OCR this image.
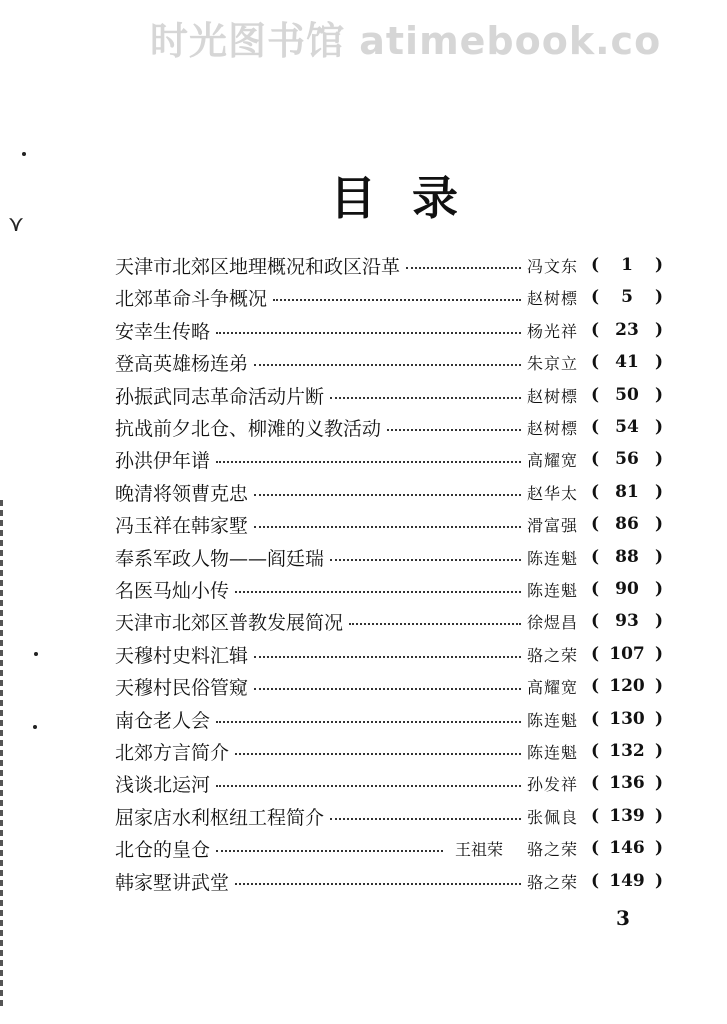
时光图书馆 atimebook.co
⋎	目录
天津市北郊区地理概况和政区沿革	冯文东 (	1	)
北郊革命斗争概况	赵树標 (	5	)
安幸生传略	杨光祥 ( 23 )
登高英雄杨连弟	朱京立 ( 41 )
孙振武同志革命活动片断	赵树標 ( 50 )
抗战前夕北仓、柳滩的义教活动	赵树標 ( 54 )
孙洪伊年谱	高耀宽 ( 56 )
晚清将领曹克忠	赵华太 ( 81 )
冯玉祥在韩家墅	滑富强 ( 86 )
奉系军政人物——阎廷瑞	陈连魁 ( 88 )
名医马灿小传	陈连魁 ( 90 )
天津市北郊区普教发展简况	徐煜昌 ( 93 )
天穆村史料汇辑	骆之荣 ( 107 )
天穆村民俗管窥	高耀宽 ( 120 )
南仓老人会	陈连魁 ( 130 )
北郊方言简介	陈连魁 ( 132 )
浅谈北运河	孙发祥 ( 136 )
屈家店水利枢纽工程简介	张佩良 ( 139 )
北仓的皇仓	王祖荣 骆之荣 ( 146 )
韩家墅讲武堂	骆之荣 ( 149 )
3
